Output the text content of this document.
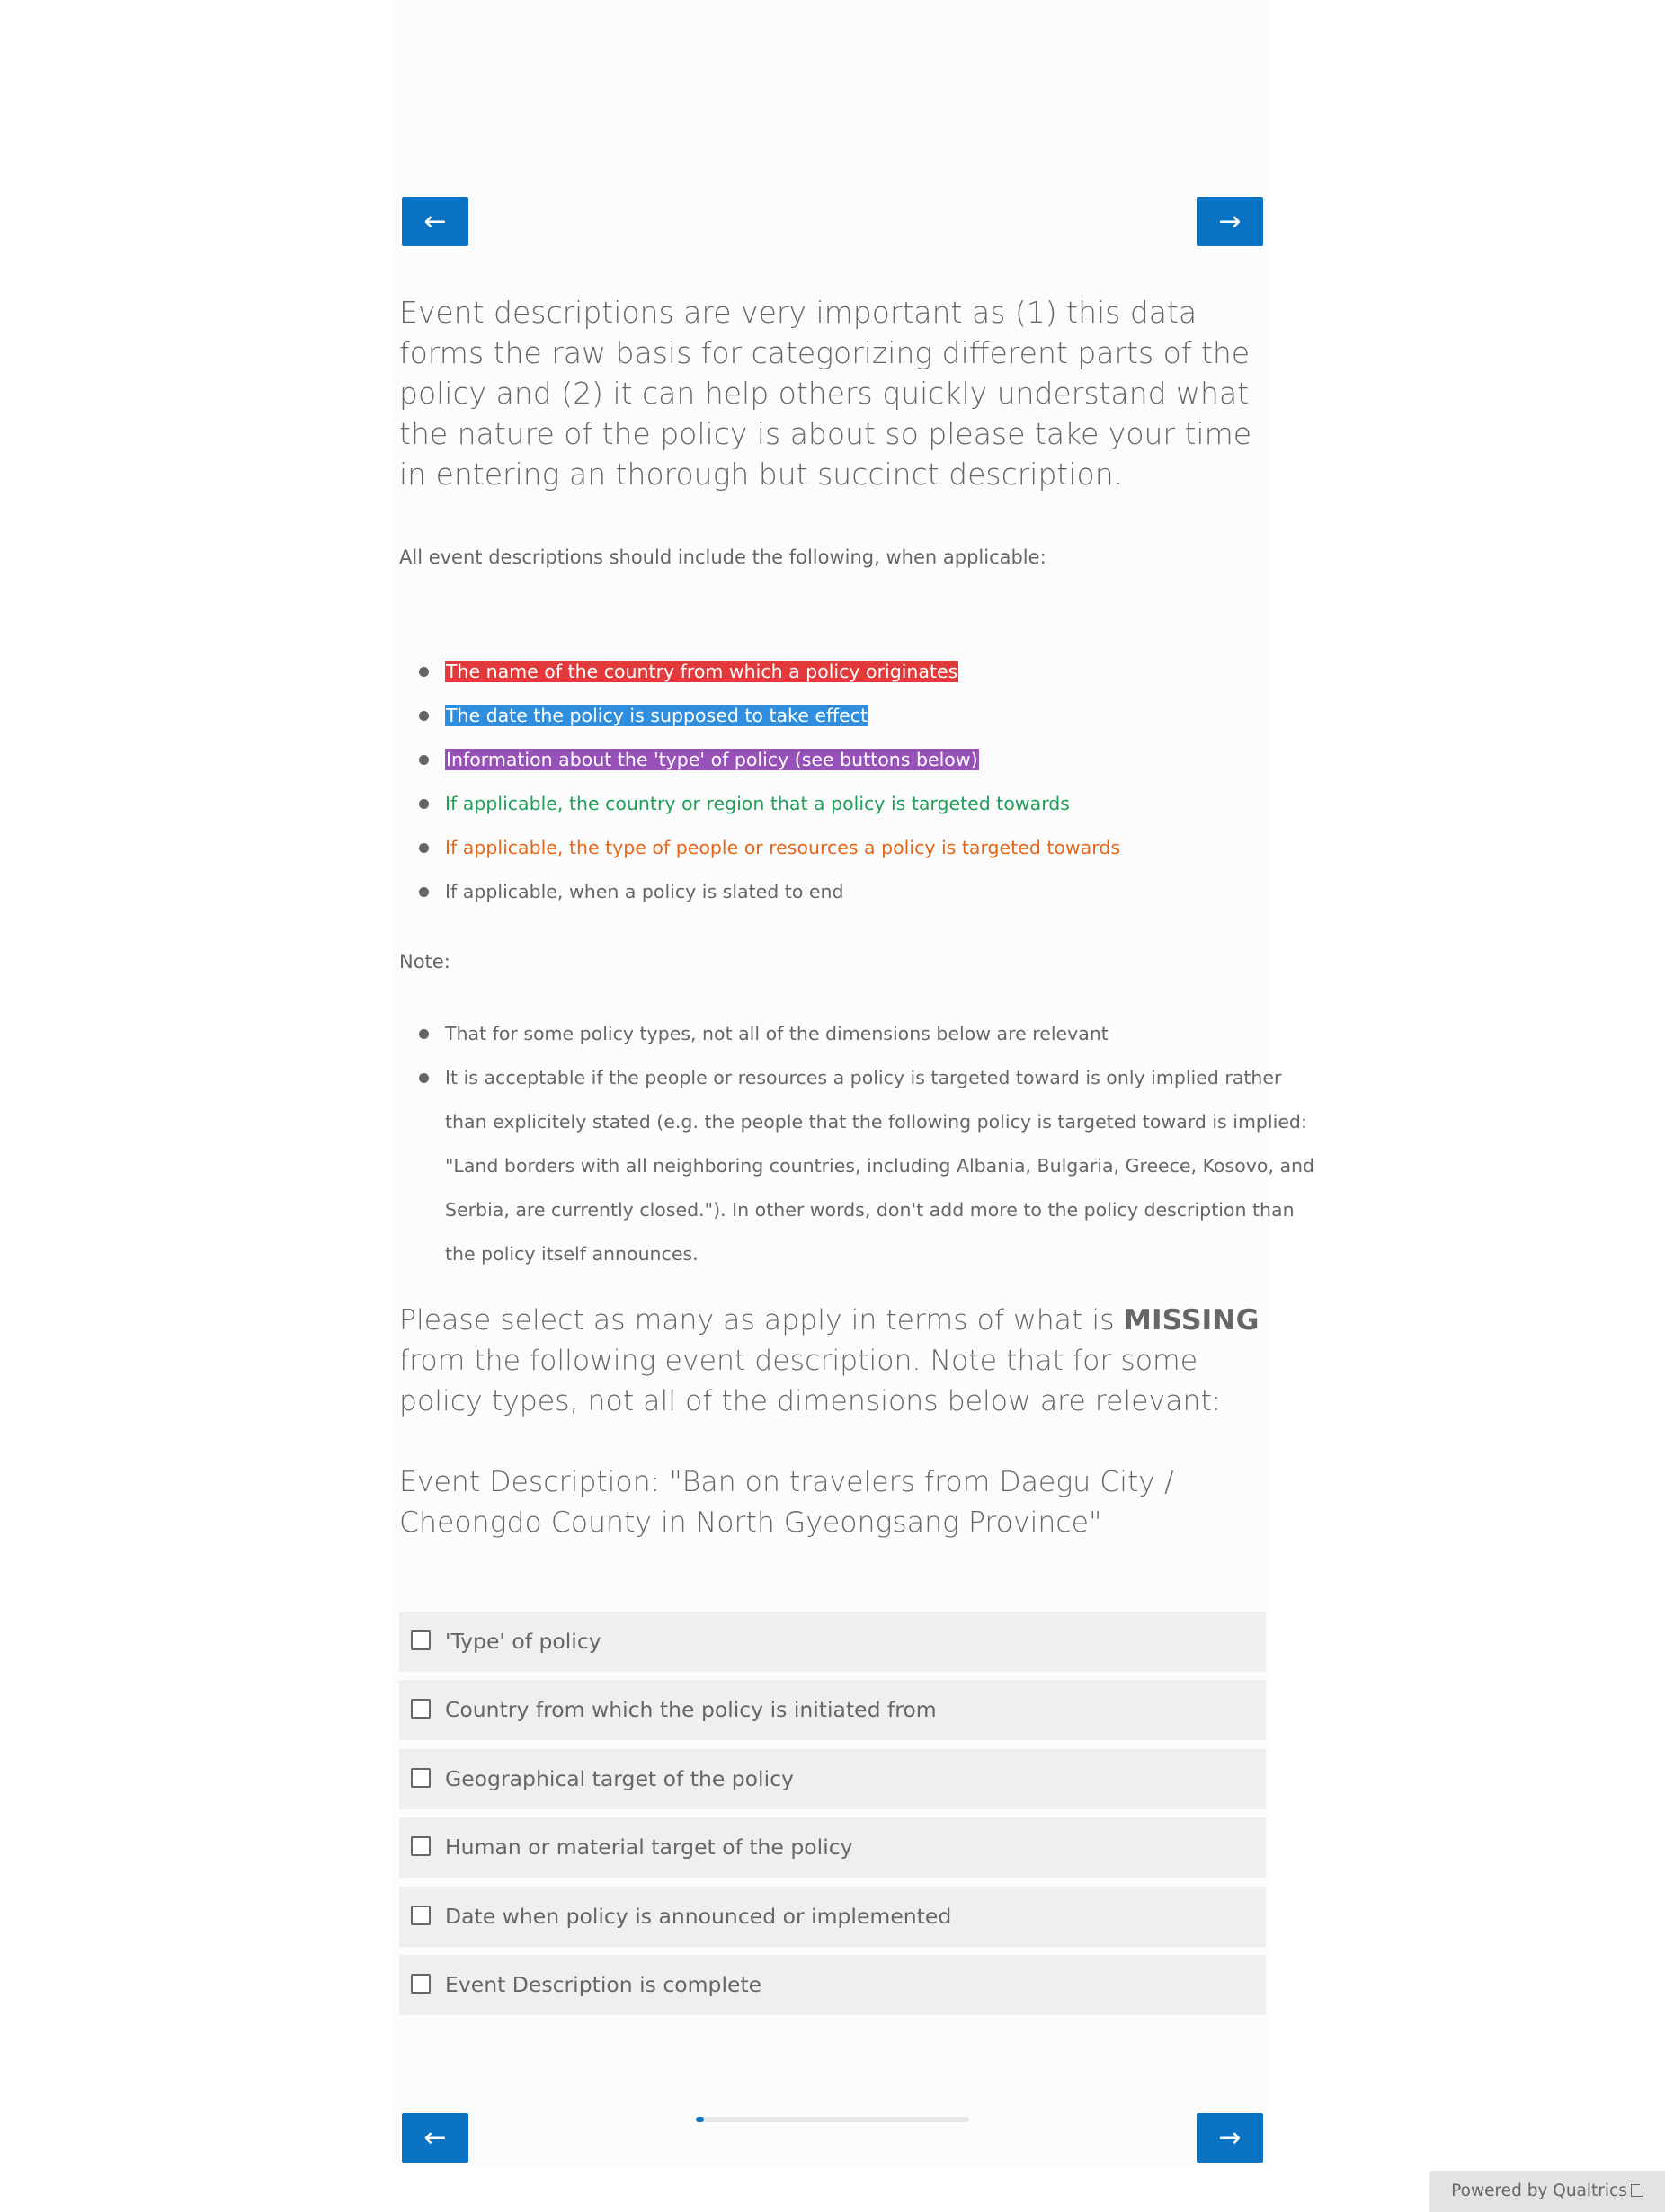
←	→

Event descriptions are very important as (1) this data forms the raw basis for categorizing different parts of the policy and (2) it can help others quickly understand what the nature of the policy is about so please take your time in entering an thorough but succinct description.

All event descriptions should include the following, when applicable:

The name of the country from which a policy originates
The date the policy is supposed to take effect
Information about the 'type' of policy (see buttons below)
If applicable, the country or region that a policy is targeted towards
If applicable, the type of people or resources a policy is targeted towards
If applicable, when a policy is slated to end

Note:

That for some policy types, not all of the dimensions below are relevant
It is acceptable if the people or resources a policy is targeted toward is only implied rather
than explicitely stated (e.g. the people that the following policy is targeted toward is implied:
"Land borders with all neighboring countries, including Albania, Bulgaria, Greece, Kosovo, and
Serbia, are currently closed."). In other words, don't add more to the policy description than
the policy itself announces.

Please select as many as apply in terms of what is MISSING from the following event description. Note that for some policy types, not all of the dimensions below are relevant:

Event Description: "Ban on travelers from Daegu City / Cheongdo County in North Gyeongsang Province"

'Type' of policy
Country from which the policy is initiated from
Geographical target of the policy
Human or material target of the policy
Date when policy is announced or implemented
Event Description is complete
←	→
Powered by Qualtrics
